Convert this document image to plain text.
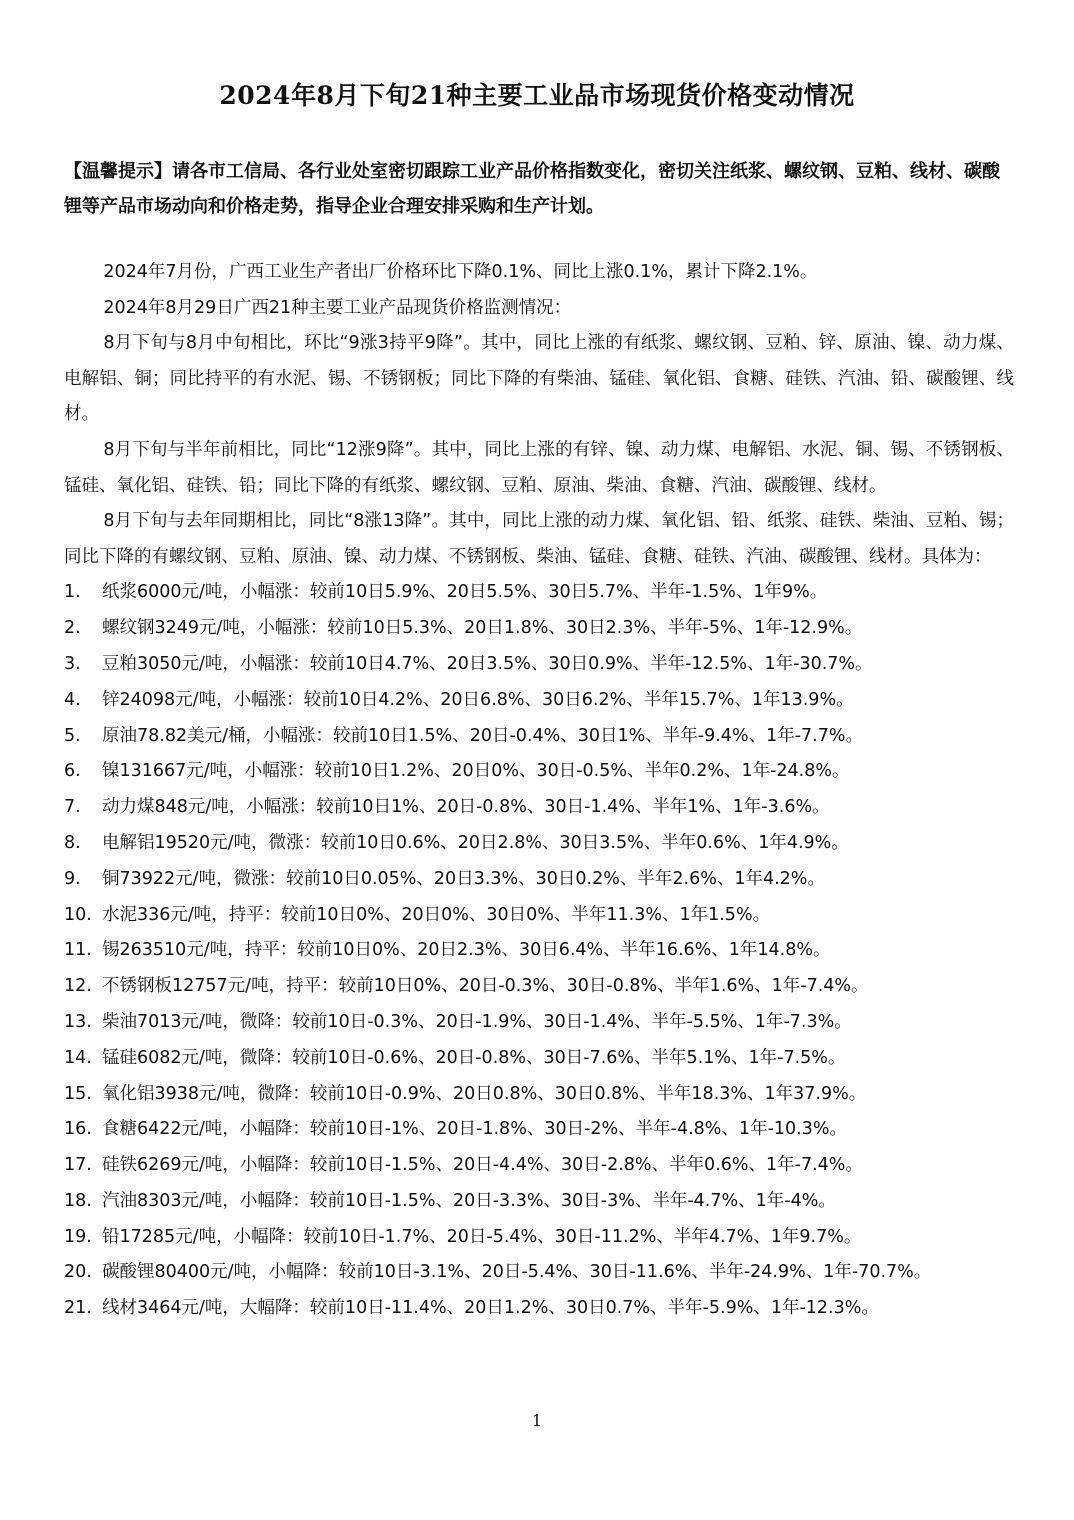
2024年8月下旬21种主要工业品市场现货价格变动情况

【温馨提示】请各市工信局、各行业处室密切跟踪工业产品价格指数变化，密切关注纸浆、螺纹钢、豆粕、线材、碳酸锂等产品市场动向和价格走势，指导企业合理安排采购和生产计划。

2024年7月份，广西工业生产者出厂价格环比下降0.1%、同比上涨0.1%，累计下降2.1%。

2024年8月29日广西21种主要工业产品现货价格监测情况：

8月下旬与8月中旬相比，环比“9涨3持平9降”。其中，同比上涨的有纸浆、螺纹钢、豆粕、锌、原油、镍、动力煤、电解铝、铜；同比持平的有水泥、锡、不锈钢板；同比下降的有柴油、锰硅、氧化铝、食糖、硅铁、汽油、铅、碳酸锂、线材。

8月下旬与半年前相比，同比“12涨9降”。其中，同比上涨的有锌、镍、动力煤、电解铝、水泥、铜、锡、不锈钢板、锰硅、氧化铝、硅铁、铅；同比下降的有纸浆、螺纹钢、豆粕、原油、柴油、食糖、汽油、碳酸锂、线材。

8月下旬与去年同期相比，同比“8涨13降”。其中，同比上涨的动力煤、氧化铝、铅、纸浆、硅铁、柴油、豆粕、锡；同比下降的有螺纹钢、豆粕、原油、镍、动力煤、不锈钢板、柴油、锰硅、食糖、硅铁、汽油、碳酸锂、线材。具体为：

1.	纸浆6000元/吨，小幅涨：较前10日5.9%、20日5.5%、30日5.7%、半年-1.5%、1年9%。
2.	螺纹钢3249元/吨，小幅涨：较前10日5.3%、20日1.8%、30日2.3%、半年-5%、1年-12.9%。
3.	豆粕3050元/吨，小幅涨：较前10日4.7%、20日3.5%、30日0.9%、半年-12.5%、1年-30.7%。
4.	锌24098元/吨，小幅涨：较前10日4.2%、20日6.8%、30日6.2%、半年15.7%、1年13.9%。
5.	原油78.82美元/桶，小幅涨：较前10日1.5%、20日-0.4%、30日1%、半年-9.4%、1年-7.7%。
6.	镍131667元/吨，小幅涨：较前10日1.2%、20日0%、30日-0.5%、半年0.2%、1年-24.8%。
7.	动力煤848元/吨，小幅涨：较前10日1%、20日-0.8%、30日-1.4%、半年1%、1年-3.6%。
8.	电解铝19520元/吨，微涨：较前10日0.6%、20日2.8%、30日3.5%、半年0.6%、1年4.9%。
9.	铜73922元/吨，微涨：较前10日0.05%、20日3.3%、30日0.2%、半年2.6%、1年4.2%。
10. 水泥336元/吨，持平：较前10日0%、20日0%、30日0%、半年11.3%、1年1.5%。
11. 锡263510元/吨，持平：较前10日0%、20日2.3%、30日6.4%、半年16.6%、1年14.8%。
12. 不锈钢板12757元/吨，持平：较前10日0%、20日-0.3%、30日-0.8%、半年1.6%、1年-7.4%。
13. 柴油7013元/吨，微降：较前10日-0.3%、20日-1.9%、30日-1.4%、半年-5.5%、1年-7.3%。
14. 锰硅6082元/吨，微降：较前10日-0.6%、20日-0.8%、30日-7.6%、半年5.1%、1年-7.5%。
15. 氧化铝3938元/吨，微降：较前10日-0.9%、20日0.8%、30日0.8%、半年18.3%、1年37.9%。
16. 食糖6422元/吨，小幅降：较前10日-1%、20日-1.8%、30日-2%、半年-4.8%、1年-10.3%。
17. 硅铁6269元/吨，小幅降：较前10日-1.5%、20日-4.4%、30日-2.8%、半年0.6%、1年-7.4%。
18. 汽油8303元/吨，小幅降：较前10日-1.5%、20日-3.3%、30日-3%、半年-4.7%、1年-4%。
19. 铅17285元/吨，小幅降：较前10日-1.7%、20日-5.4%、30日-11.2%、半年4.7%、1年9.7%。
20. 碳酸锂80400元/吨，小幅降：较前10日-3.1%、20日-5.4%、30日-11.6%、半年-24.9%、1年-70.7%。
21. 线材3464元/吨，大幅降：较前10日-11.4%、20日1.2%、30日0.7%、半年-5.9%、1年-12.3%。
1
